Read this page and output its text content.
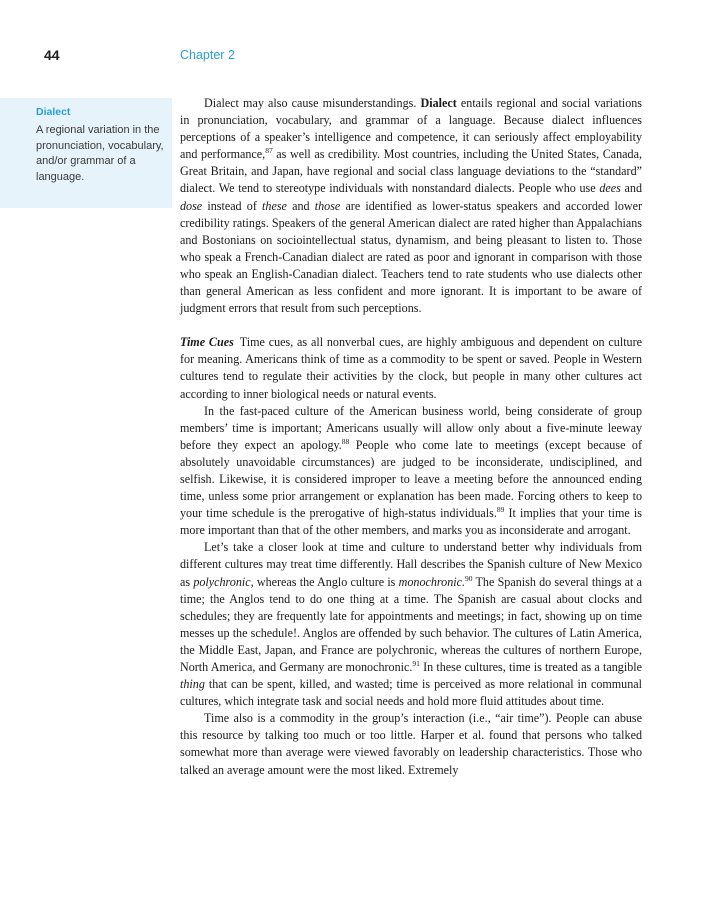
44	Chapter 2
Dialect
A regional variation in the pronunciation, vocabulary, and/or grammar of a language.

Dialect may also cause misunderstandings. Dialect entails regional and social variations in pronunciation, vocabulary, and grammar of a language. Because dialect influences perceptions of a speaker’s intelligence and competence, it can seriously affect employability and performance,$^{87}$ as well as credibility. Most countries, including the United States, Canada, Great Britain, and Japan, have regional and social class language deviations to the “standard” dialect. We tend to stereotype individuals with nonstandard dialects. People who use dees and dose instead of these and those are identified as lower-status speakers and accorded lower credibility ratings. Speakers of the general American dialect are rated higher than Appalachians and Bostonians on sociointellectual status, dynamism, and being pleasant to listen to. Those who speak a French-Canadian dialect are rated as poor and ignorant in comparison with those who speak an English-Canadian dialect. Teachers tend to rate students who use dialects other than general American as less confident and more ignorant. It is important to be aware of judgment errors that result from such perceptions.

Time Cues Time cues, as all nonverbal cues, are highly ambiguous and dependent on culture for meaning. Americans think of time as a commodity to be spent or saved. People in Western cultures tend to regulate their activities by the clock, but people in many other cultures act according to inner biological needs or natural events.

In the fast-paced culture of the American business world, being considerate of group members’ time is important; Americans usually will allow only about a five-minute leeway before they expect an apology.$^{88}$ People who come late to meetings (except because of absolutely unavoidable circumstances) are judged to be inconsiderate, undisciplined, and selfish. Likewise, it is considered improper to leave a meeting before the announced ending time, unless some prior arrangement or explanation has been made. Forcing others to keep to your time schedule is the prerogative of high-status individuals.$^{89}$ It implies that your time is more important than that of the other members, and marks you as inconsiderate and arrogant.

Let’s take a closer look at time and culture to understand better why individuals from different cultures may treat time differently. Hall describes the Spanish culture of New Mexico as polychronic, whereas the Anglo culture is monochronic.$^{90}$ The Spanish do several things at a time; the Anglos tend to do one thing at a time. The Spanish are casual about clocks and schedules; they are frequently late for appointments and meetings; in fact, showing up on time messes up the schedule!. Anglos are offended by such behavior. The cultures of Latin America, the Middle East, Japan, and France are polychronic, whereas the cultures of northern Europe, North America, and Germany are monochronic.$^{91}$ In these cultures, time is treated as a tangible thing that can be spent, killed, and wasted; time is perceived as more relational in communal cultures, which integrate task and social needs and hold more fluid attitudes about time.

Time also is a commodity in the group’s interaction (i.e., “air time”). People can abuse this resource by talking too much or too little. Harper et al. found that persons who talked somewhat more than average were viewed favorably on leadership characteristics. Those who talked an average amount were the most liked. Extremely
